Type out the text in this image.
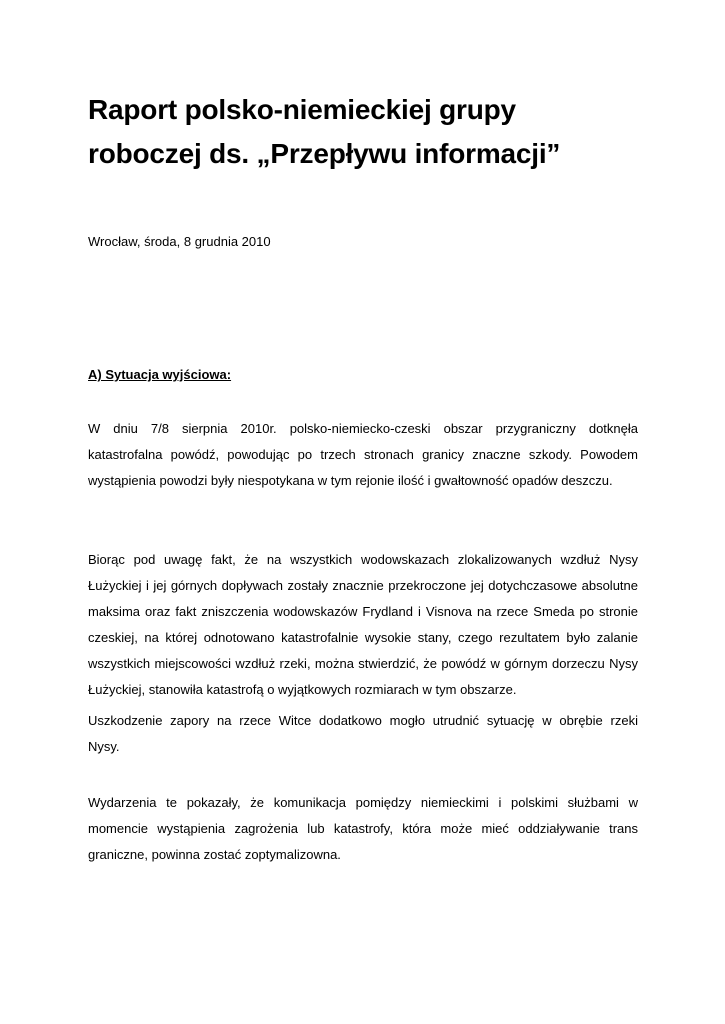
Raport polsko-niemieckiej grupy
roboczej ds. „Przepływu informacji”

Wrocław, środa, 8 grudnia 2010

A) Sytuacja wyjściowa:

W dniu 7/8 sierpnia 2010r. polsko-niemiecko-czeski obszar przygraniczny dotknęła
katastrofalna powódź, powodując po trzech stronach granicy znaczne szkody. Powodem
wystąpienia powodzi były niespotykana w tym rejonie ilość i gwałtowność opadów deszczu.

Biorąc pod uwagę fakt, że na wszystkich wodowskazach zlokalizowanych wzdłuż Nysy
Łużyckiej i jej górnych dopływach zostały znacznie przekroczone jej dotychczasowe absolutne
maksima oraz fakt zniszczenia wodowskazów Frydland i Visnova na rzece Smeda po stronie
czeskiej, na której odnotowano katastrofalnie wysokie stany, czego rezultatem było zalanie
wszystkich miejscowości wzdłuż rzeki, można stwierdzić, że powódź w górnym dorzeczu Nysy
Łużyckiej, stanowiła katastrofą o wyjątkowych rozmiarach w tym obszarze.

Uszkodzenie zapory na rzece Witce dodatkowo mogło utrudnić sytuację w obrębie rzeki
Nysy.

Wydarzenia te pokazały, że komunikacja pomiędzy niemieckimi i polskimi służbami w
momencie wystąpienia zagrożenia lub katastrofy, która może mieć oddziaływanie trans
graniczne, powinna zostać zoptymalizowna.
